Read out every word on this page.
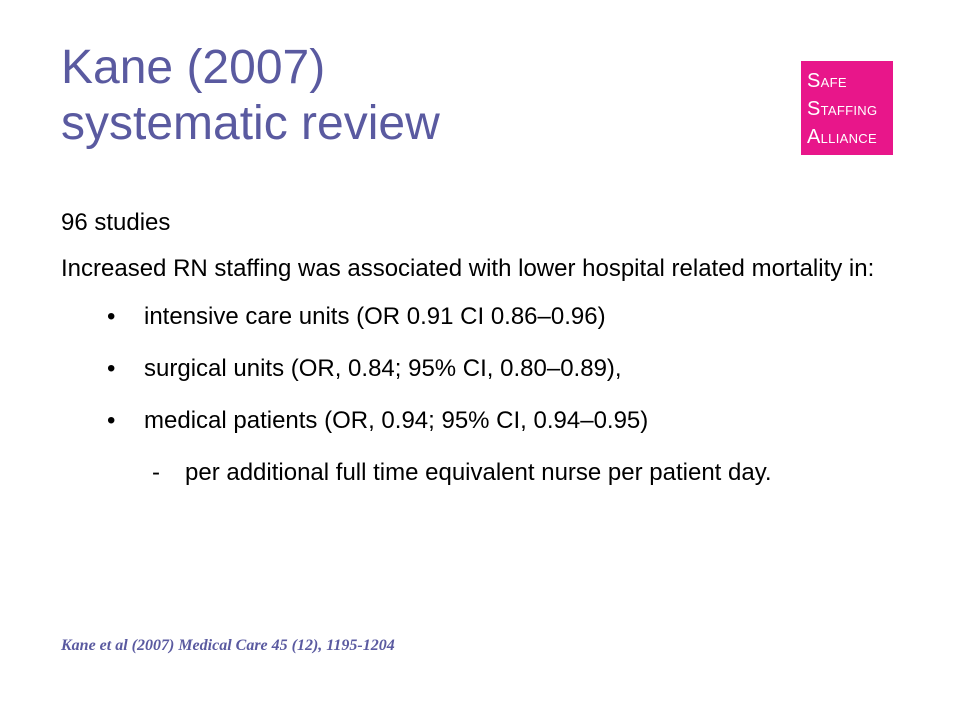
Kane (2007)
systematic review
SAFE
STAFFING
ALLIANCE

96 studies

Increased RN staffing was associated with lower hospital related mortality in:

• intensive care units (OR 0.91 CI 0.86–0.96)
• surgical units (OR, 0.84; 95% CI, 0.80–0.89),
• medical patients (OR, 0.94; 95% CI, 0.94–0.95)

- per additional full time equivalent nurse per patient day.

Kane et al (2007) Medical Care 45 (12), 1195-1204
